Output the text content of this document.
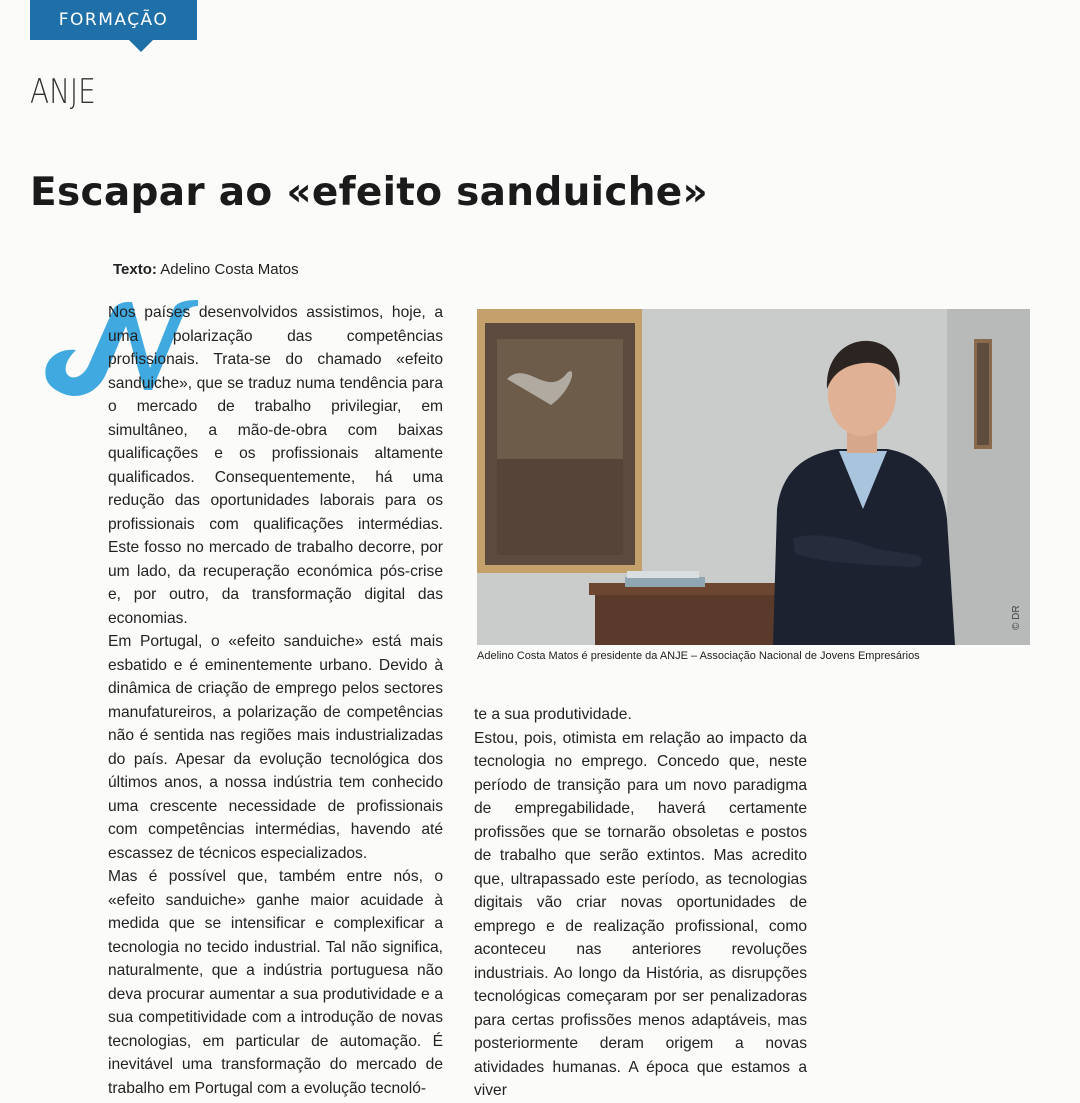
FORMAÇÃO
ANJE
Escapar ao «efeito sanduiche»
Texto: Adelino Costa Matos

Nos países desenvolvidos assistimos, hoje, a uma polarização das competências profissionais. Trata-se do chamado «efeito sanduiche», que se traduz numa tendência para o mercado de trabalho privilegiar, em simultâneo, a mão-de-obra com baixas qualificações e os profissionais altamente qualificados. Consequentemente, há uma redução das oportunidades laborais para os profissionais com qualificações intermédias. Este fosso no mercado de trabalho decorre, por um lado, da recuperação económica pós-crise e, por outro, da transformação digital das economias.

Em Portugal, o «efeito sanduiche» está mais esbatido e é eminentemente urbano. Devido à dinâmica de criação de emprego pelos sectores manufatureiros, a polarização de competências não é sentida nas regiões mais industrializadas do país. Apesar da evolução tecnológica dos últimos anos, a nossa indústria tem conhecido uma crescente necessidade de profissionais com competências intermédias, havendo até escassez de técnicos especializados.

Mas é possível que, também entre nós, o «efeito sanduiche» ganhe maior acuidade à medida que se intensificar e complexificar a tecnologia no tecido industrial. Tal não significa, naturalmente, que a indústria portuguesa não deva procurar aumentar a sua produtividade e a sua competitividade com a introdução de novas tecnologias, em particular de automação. É inevitável uma transformação do mercado de trabalho em Portugal com a evolução tecnoló-

© DR
Adelino Costa Matos é presidente da ANJE – Associação Nacional de Jovens Empresários

te a sua produtividade.

Estou, pois, otimista em relação ao impacto da tecnologia no emprego. Concedo que, neste período de transição para um novo paradigma de empregabilidade, haverá certamente profissões que se tornarão obsoletas e postos de trabalho que serão extintos. Mas acredito que, ultrapassado este período, as tecnologias digitais vão criar novas oportunidades de emprego e de realização profissional, como aconteceu nas anteriores revoluções industriais. Ao longo da História, as disrupções tecnológicas começaram por ser penalizadoras para certas profissões menos adaptáveis, mas posteriormente deram origem a novas atividades humanas. A época que estamos a viver
